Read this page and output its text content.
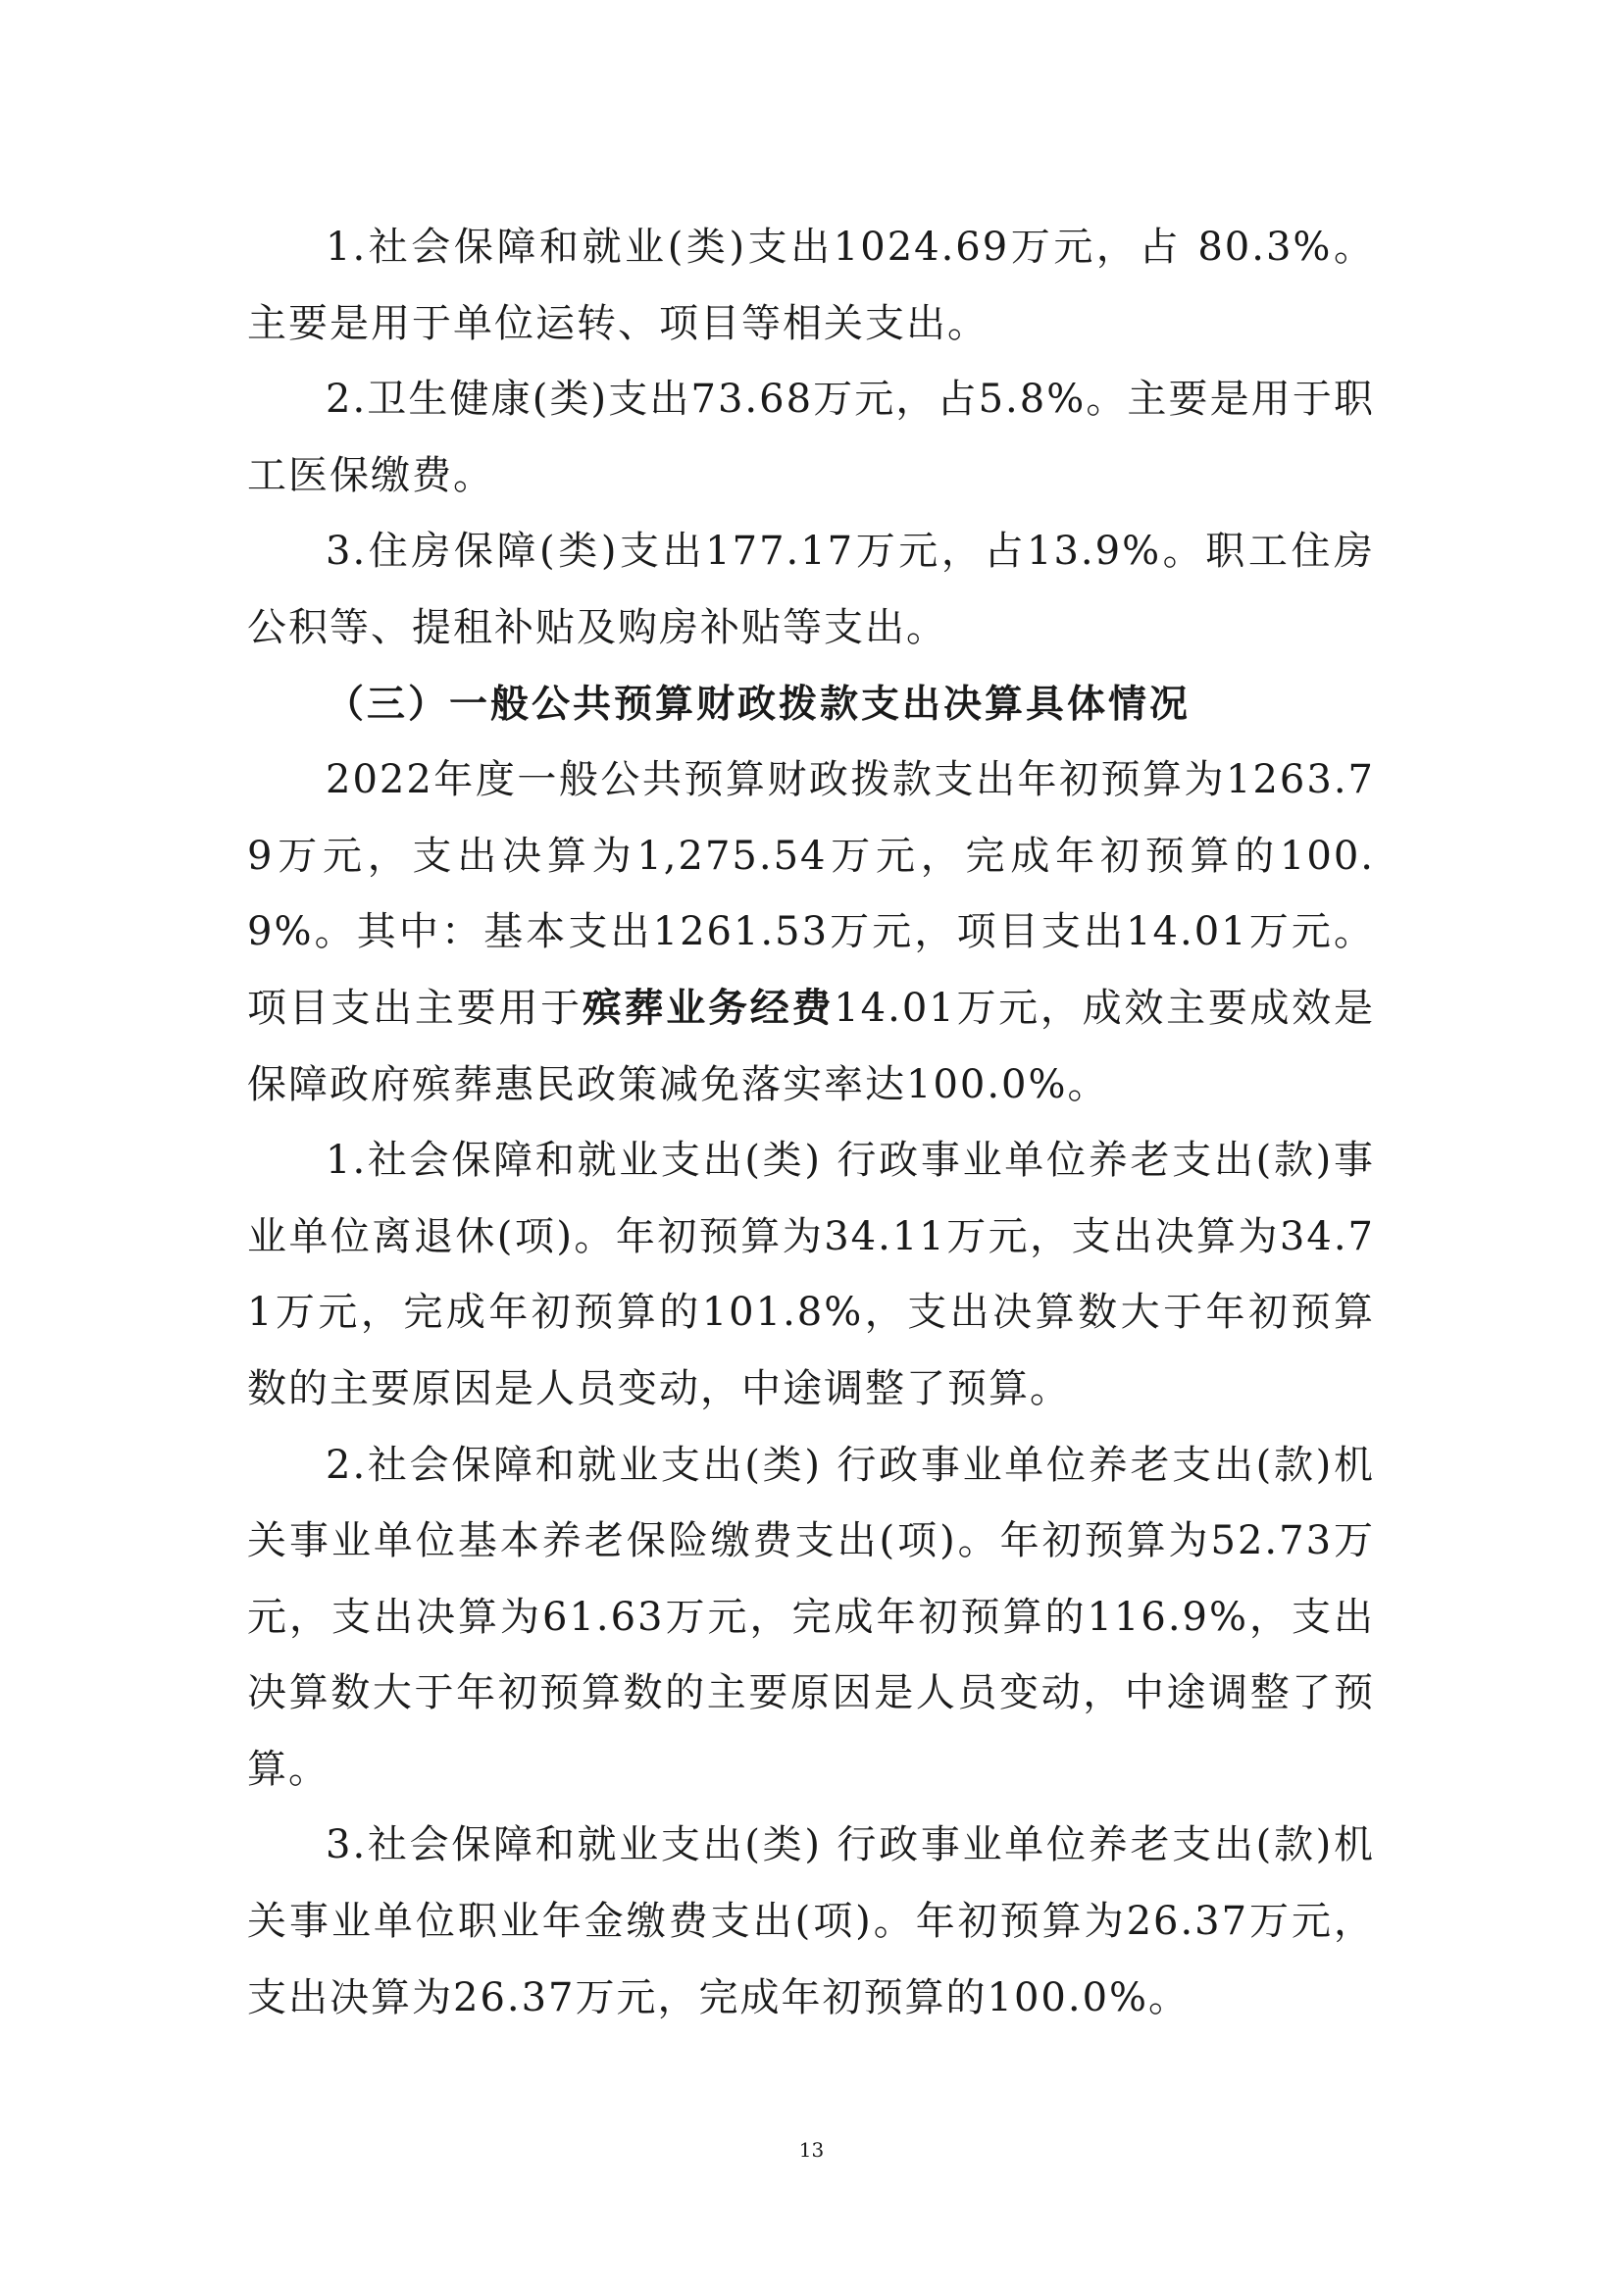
1.社会保障和就业(类)支出1024.69万元，占 80.3%。主要是用于单位运转、项目等相关支出。

2.卫生健康(类)支出73.68万元，占5.8%。主要是用于职工医保缴费。

3.住房保障(类)支出177.17万元，占13.9%。职工住房公积等、提租补贴及购房补贴等支出。

（三）一般公共预算财政拨款支出决算具体情况

2022年度一般公共预算财政拨款支出年初预算为1263.79万元，支出决算为1,275.54万元，完成年初预算的100.9%。其中：基本支出1261.53万元，项目支出14.01万元。项目支出主要用于殡葬业务经费14.01万元，成效主要成效是保障政府殡葬惠民政策减免落实率达100.0%。

1.社会保障和就业支出(类) 行政事业单位养老支出(款)事业单位离退休(项)。年初预算为34.11万元，支出决算为34.71万元，完成年初预算的101.8%，支出决算数大于年初预算数的主要原因是人员变动，中途调整了预算。

2.社会保障和就业支出(类) 行政事业单位养老支出(款)机关事业单位基本养老保险缴费支出(项)。年初预算为52.73万元，支出决算为61.63万元，完成年初预算的116.9%，支出决算数大于年初预算数的主要原因是人员变动，中途调整了预算。

3.社会保障和就业支出(类) 行政事业单位养老支出(款)机关事业单位职业年金缴费支出(项)。年初预算为26.37万元，支出决算为26.37万元，完成年初预算的100.0%。

13
